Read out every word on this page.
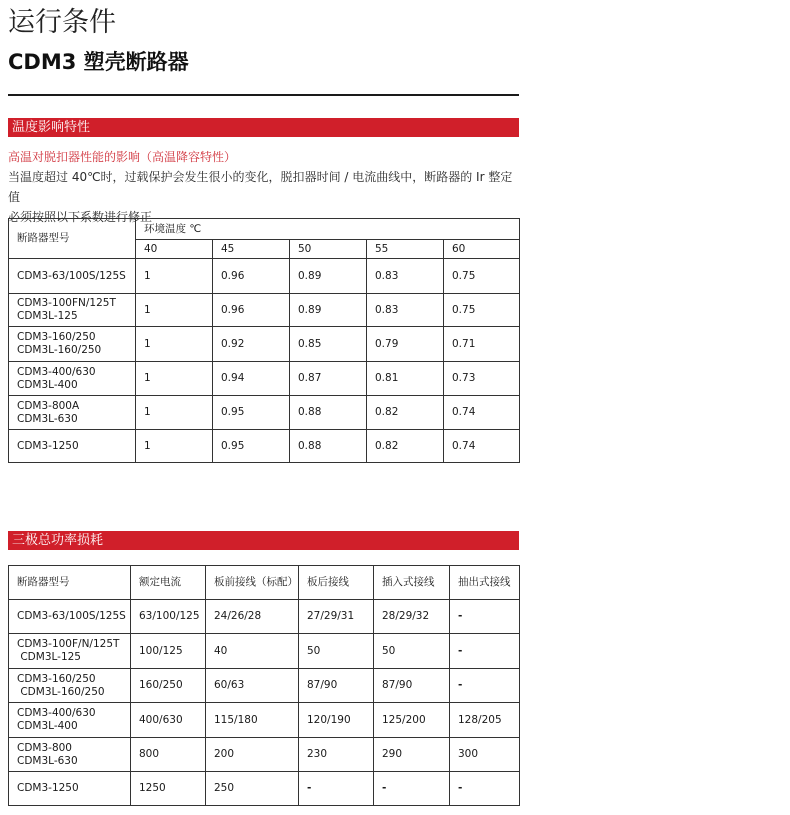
运行条件
CDM3 塑壳断路器
温度影响特性
高温对脱扣器性能的影响（高温降容特性）
当温度超过 40℃时，过载保护会发生很小的变化，脱扣器时间 / 电流曲线中，断路器的 Ir 整定值
必须按照以下系数进行修正
断路器型号	环境温度 ℃				
	40	45	50	55	60
CDM3-63/100S/125S	1	0.96	0.89	0.83	0.75
CDM3-100FN/125T
CDM3L-125	1	0.96	0.89	0.83	0.75
CDM3-160/250
CDM3L-160/250	1	0.92	0.85	0.79	0.71
CDM3-400/630
CDM3L-400	1	0.94	0.87	0.81	0.73
CDM3-800A
CDM3L-630	1	0.95	0.88	0.82	0.74
CDM3-1250	1	0.95	0.88	0.82	0.74
三极总功率损耗
断路器型号	额定电流	板前接线（标配）	板后接线	插入式接线	抽出式接线
CDM3-63/100S/125S	63/100/125	24/26/28	27/29/31	28/29/32	-
CDM3-100F/N/125T
CDM3L-125	100/125	40	50	50	-
CDM3-160/250
CDM3L-160/250	160/250	60/63	87/90	87/90	-
CDM3-400/630
CDM3L-400	400/630	115/180	120/190	125/200	128/205
CDM3-800
CDM3L-630	800	200	230	290	300
CDM3-1250	1250	250	-	-	-
